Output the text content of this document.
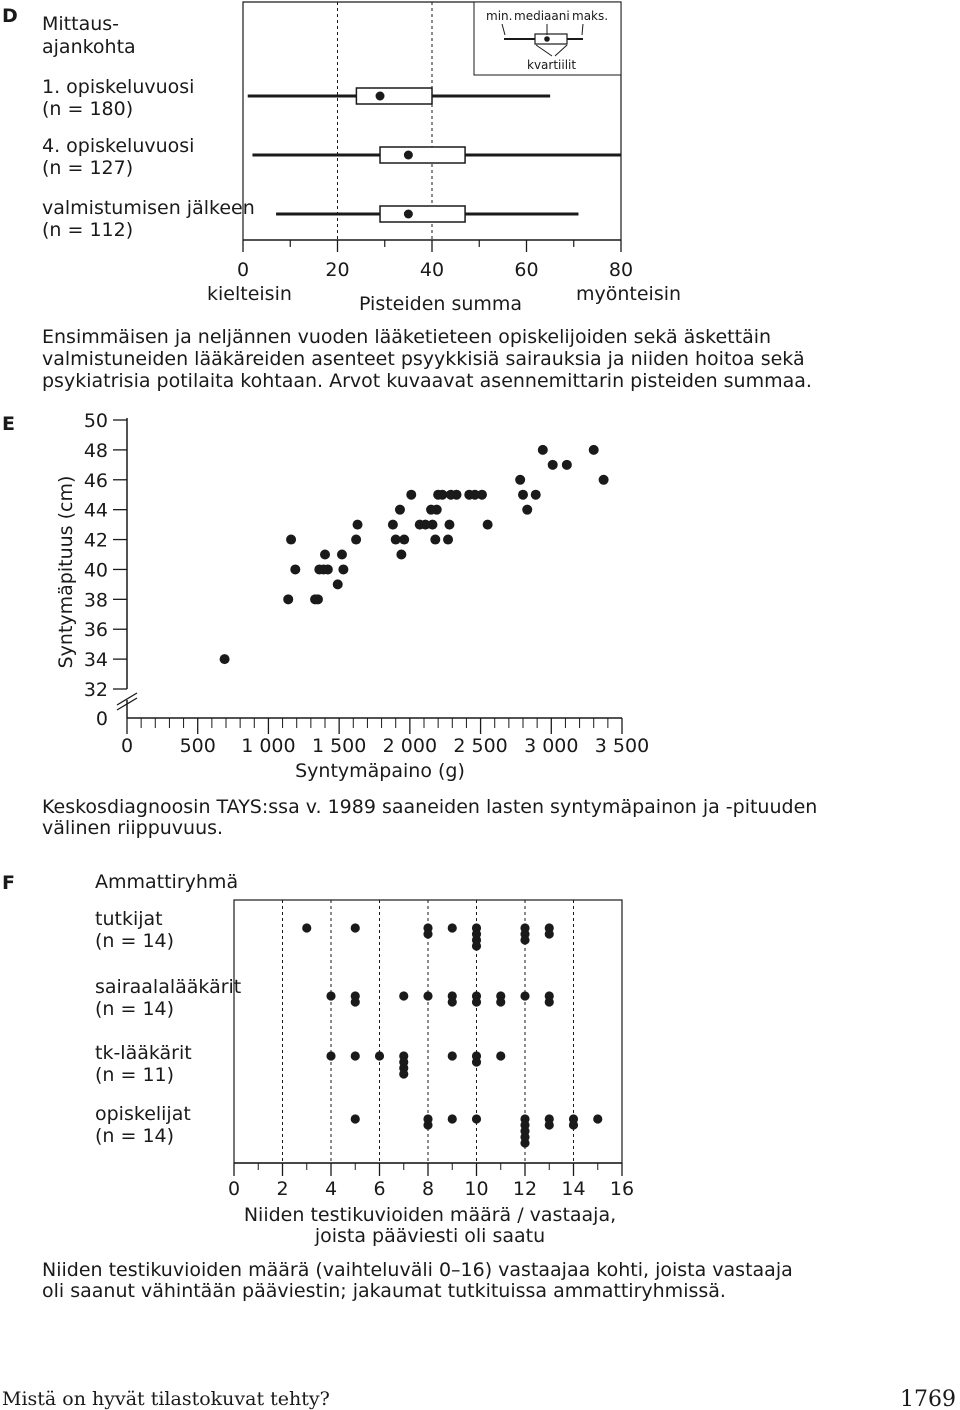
D Mittaus-
ajankohta
1. opiskeluvuosi
(n = 180)
4. opiskeluvuosi
(n = 127)
valmistumisen jälkeen
(n = 112)
0	20	40	60	80
min. mediaani maks.
kvartiilit
kielteisin	myönteisin
Pisteiden summa
Ensimmäisen ja neljännen vuoden lääketieteen opiskelijoiden sekä äskettäin
valmistuneiden lääkäreiden asenteet psyykkisiä sairauksia ja niiden hoitoa sekä
psykiatrisia potilaita kohtaan. Arvot kuvaavat asennemittarin pisteiden summaa.
E
Syntymäpituus (cm)
0
32
34
36
38
40
42
44
46
48
50
0 500 1 000 1 500 2 000 2 500 3 000 3 500
Syntymäpaino (g)
Keskosdiagnoosin TAYS:ssa v. 1989 saaneiden lasten syntymäpainon ja -pituuden
välinen riippuvuus.
F	Ammattiryhmä
tutkijat
(n = 14)
sairaalalääkärit
(n = 14)
tk-lääkärit
(n = 11)
opiskelijat
(n = 14)
0 2 4 6 8 10 12 14 16
Niiden testikuvioiden määrä / vastaaja,
joista pääviesti oli saatu
Niiden testikuvioiden määrä (vaihteluväli 0–16) vastaajaa kohti, joista vastaaja
oli saanut vähintään pääviestin; jakaumat tutkituissa ammattiryhmissä.
Mistä on hyvät tilastokuvat tehty?	1769
